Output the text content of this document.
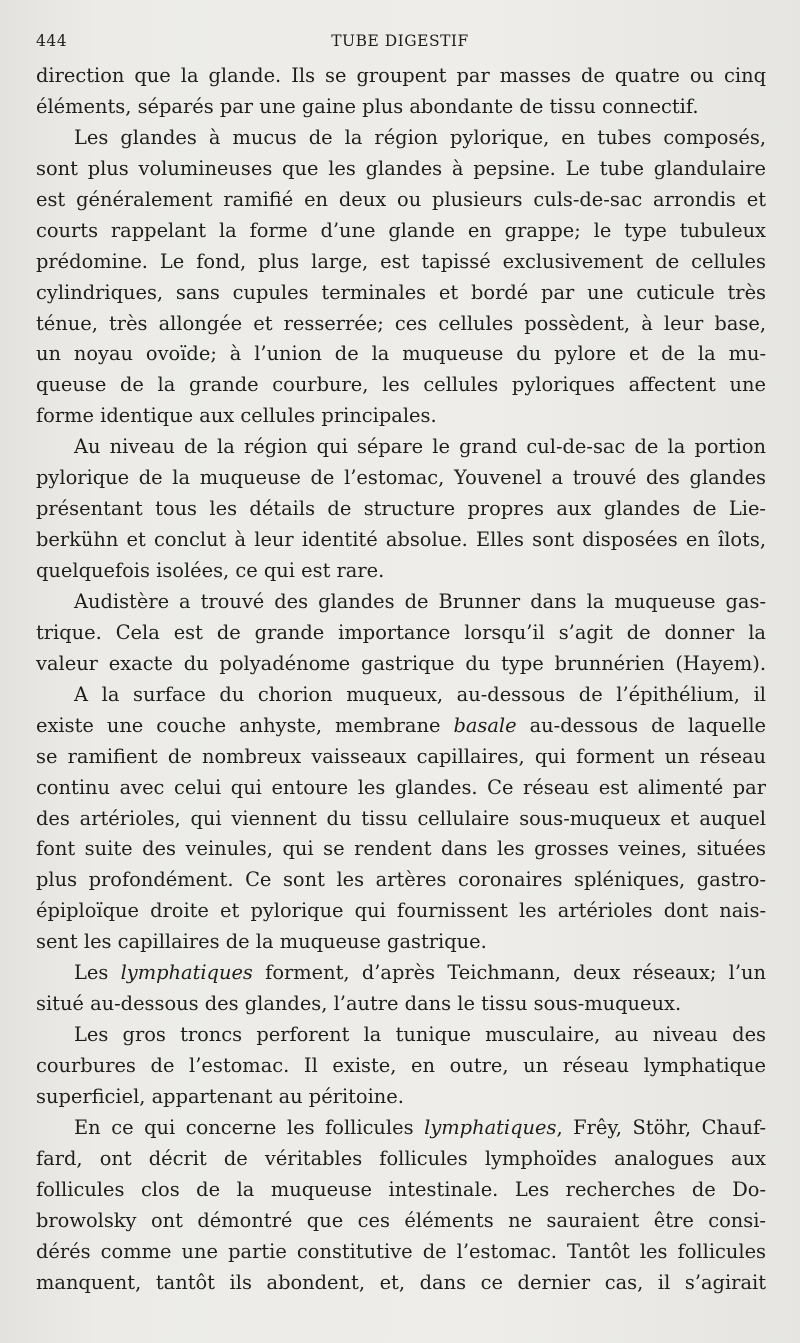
444	TUBE DIGESTIF
direction que la glande. Ils se groupent par masses de quatre ou cinq
éléments, séparés par une gaine plus abondante de tissu connectif.
Les glandes à mucus de la région pylorique, en tubes composés,
sont plus volumineuses que les glandes à pepsine. Le tube glandulaire
est généralement ramifié en deux ou plusieurs culs-de-sac arrondis et
courts rappelant la forme d’une glande en grappe; le type tubuleux
prédomine. Le fond, plus large, est tapissé exclusivement de cellules
cylindriques, sans cupules terminales et bordé par une cuticule très
ténue, très allongée et resserrée; ces cellules possèdent, à leur base,
un noyau ovoïde; à l’union de la muqueuse du pylore et de la mu-
queuse de la grande courbure, les cellules pyloriques affectent une
forme identique aux cellules principales.
Au niveau de la région qui sépare le grand cul-de-sac de la portion
pylorique de la muqueuse de l’estomac, Youvenel a trouvé des glandes
présentant tous les détails de structure propres aux glandes de Lie-
berkühn et conclut à leur identité absolue. Elles sont disposées en îlots,
quelquefois isolées, ce qui est rare.
Audistère a trouvé des glandes de Brunner dans la muqueuse gas-
trique. Cela est de grande importance lorsqu’il s’agit de donner la
valeur exacte du polyadénome gastrique du type brunnérien (Hayem).
A la surface du chorion muqueux, au-dessous de l’épithélium, il
existe une couche anhyste, membrane basale au-dessous de laquelle
se ramifient de nombreux vaisseaux capillaires, qui forment un réseau
continu avec celui qui entoure les glandes. Ce réseau est alimenté par
des artérioles, qui viennent du tissu cellulaire sous-muqueux et auquel
font suite des veinules, qui se rendent dans les grosses veines, situées
plus profondément. Ce sont les artères coronaires spléniques, gastro-
épiploïque droite et pylorique qui fournissent les artérioles dont nais-
sent les capillaires de la muqueuse gastrique.
Les lymphatiques forment, d’après Teichmann, deux réseaux; l’un
situé au-dessous des glandes, l’autre dans le tissu sous-muqueux.
Les gros troncs perforent la tunique musculaire, au niveau des
courbures de l’estomac. Il existe, en outre, un réseau lymphatique
superficiel, appartenant au péritoine.
En ce qui concerne les follicules lymphatiques, Frêy, Stöhr, Chauf-
fard, ont décrit de véritables follicules lymphoïdes analogues aux
follicules clos de la muqueuse intestinale. Les recherches de Do-
browolsky ont démontré que ces éléments ne sauraient être consi-
dérés comme une partie constitutive de l’estomac. Tantôt les follicules
manquent, tantôt ils abondent, et, dans ce dernier cas, il s’agirait
